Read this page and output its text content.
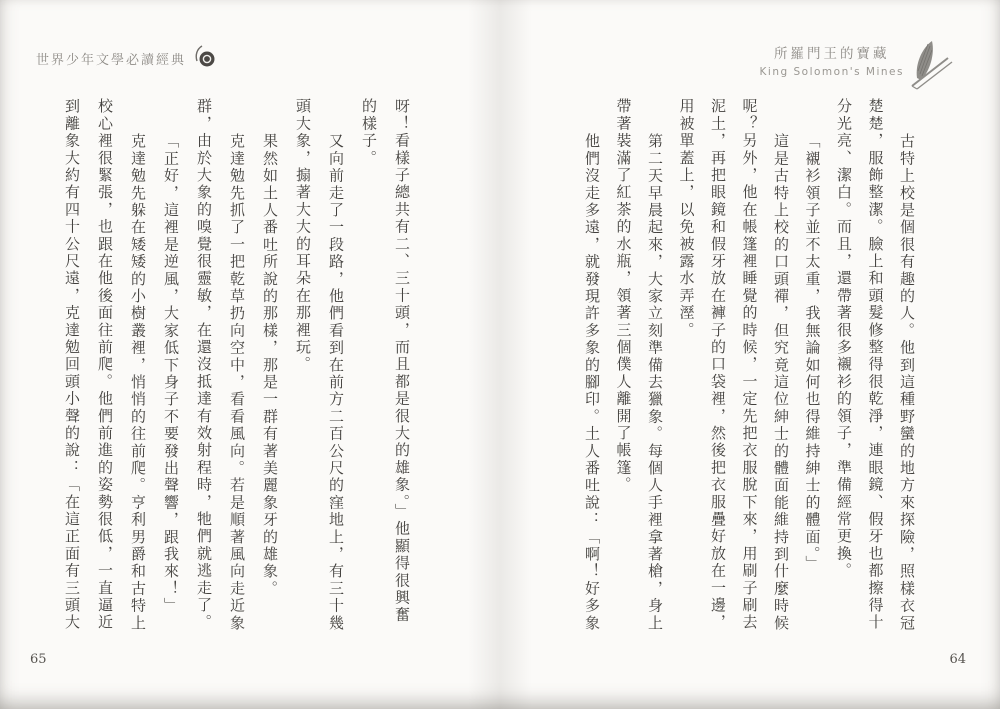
世界少年文學必讀經典	所羅門王的寶藏
King Solomon's Mines

古特上校是個很有趣的人。他到這種野蠻的地方來探險，照樣衣冠

楚楚，服飾整潔。臉上和頭髮修整得很乾淨，連眼鏡、假牙也都擦得十

分光亮、潔白。而且，還帶著很多襯衫的領子，準備經常更換。

「襯衫領子並不太重，我無論如何也得維持紳士的體面。」

這是古特上校的口頭禪，但究竟這位紳士的體面能維持到什麼時候

呢？另外，他在帳篷裡睡覺的時候，一定先把衣服脫下來，用刷子刷去

泥土，再把眼鏡和假牙放在褲子的口袋裡，然後把衣服疊好放在一邊，

用被單蓋上，以免被露水弄溼。

第二天早晨起來，大家立刻準備去獵象。每個人手裡拿著槍，身上

帶著裝滿了紅茶的水瓶，領著三個僕人離開了帳篷。

他們沒走多遠，就發現許多象的腳印。土人番吐說：「啊！好多象

呀！看樣子總共有二、三十頭，而且都是很大的雄象。」他顯得很興奮

的樣子。

又向前走了一段路，他們看到在前方二百公尺的窪地上，有三十幾

頭大象，搧著大大的耳朵在那裡玩。

果然如土人番吐所說的那樣，那是一群有著美麗象牙的雄象。

克達勉先抓了一把乾草扔向空中，看看風向。若是順著風向走近象

群，由於大象的嗅覺很靈敏，在還沒抵達有效射程時，牠們就逃走了。

「正好，這裡是逆風，大家低下身子不要發出聲響，跟我來！」

克達勉先躲在矮矮的小樹叢裡，悄悄的往前爬。亨利男爵和古特上

校心裡很緊張，也跟在他後面往前爬。他們前進的姿勢很低，一直逼近

到離象大約有四十公尺遠，克達勉回頭小聲的說：「在這正面有三頭大

65	64
